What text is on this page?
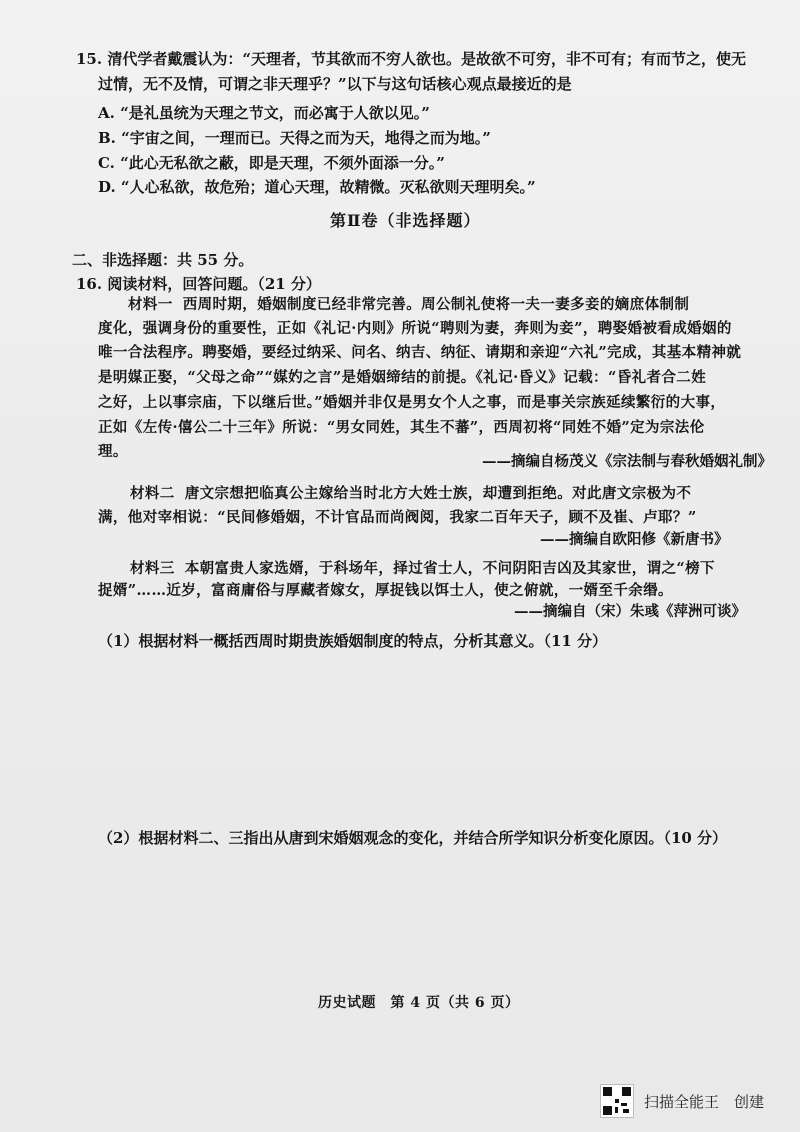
15. 清代学者戴震认为：“天理者，节其欲而不穷人欲也。是故欲不可穷，非不可有；有而节之，使无
过情，无不及情，可谓之非天理乎？”以下与这句话核心观点最接近的是
A. “是礼虽统为天理之节文，而必寓于人欲以见。”
B. “宇宙之间，一理而已。天得之而为天，地得之而为地。”
C. “此心无私欲之蔽，即是天理，不须外面添一分。”
D. “人心私欲，故危殆；道心天理，故精微。灭私欲则天理明矣。”
第Ⅱ卷（非选择题）
二、非选择题：共 55 分。
16. 阅读材料，回答问题。（21 分）
材料一 西周时期，婚姻制度已经非常完善。周公制礼使将一夫一妻多妾的嫡庶体制制
度化，强调身份的重要性，正如《礼记·内则》所说“聘则为妻，奔则为妾”，聘娶婚被看成婚姻的
唯一合法程序。聘娶婚，要经过纳采、问名、纳吉、纳征、请期和亲迎“六礼”完成，其基本精神就
是明媒正娶，“父母之命”“媒妁之言”是婚姻缔结的前提。《礼记·昏义》记载：“昏礼者合二姓
之好，上以事宗庙，下以继后世。”婚姻并非仅是男女个人之事，而是事关宗族延续繁衍的大事，
正如《左传·僖公二十三年》所说：“男女同姓，其生不蕃”，西周初将“同姓不婚”定为宗法伦
理。
——摘编自杨茂义《宗法制与春秋婚姻礼制》
材料二 唐文宗想把临真公主嫁给当时北方大姓士族，却遭到拒绝。对此唐文宗极为不
满，他对宰相说：“民间修婚姻，不计官品而尚阀阅，我家二百年天子，顾不及崔、卢耶？”
——摘编自欧阳修《新唐书》
材料三 本朝富贵人家选婿，于科场年，择过省士人，不问阴阳吉凶及其家世，谓之“榜下
捉婿”……近岁，富商庸俗与厚藏者嫁女，厚捉钱以饵士人，使之俯就，一婿至千余缗。
——摘编自（宋）朱彧《萍洲可谈》
（1）根据材料一概括西周时期贵族婚姻制度的特点，分析其意义。（11 分）
（2）根据材料二、三指出从唐到宋婚姻观念的变化，并结合所学知识分析变化原因。（10 分）
历史试题　第 4 页（共 6 页）
扫描全能王　创建
